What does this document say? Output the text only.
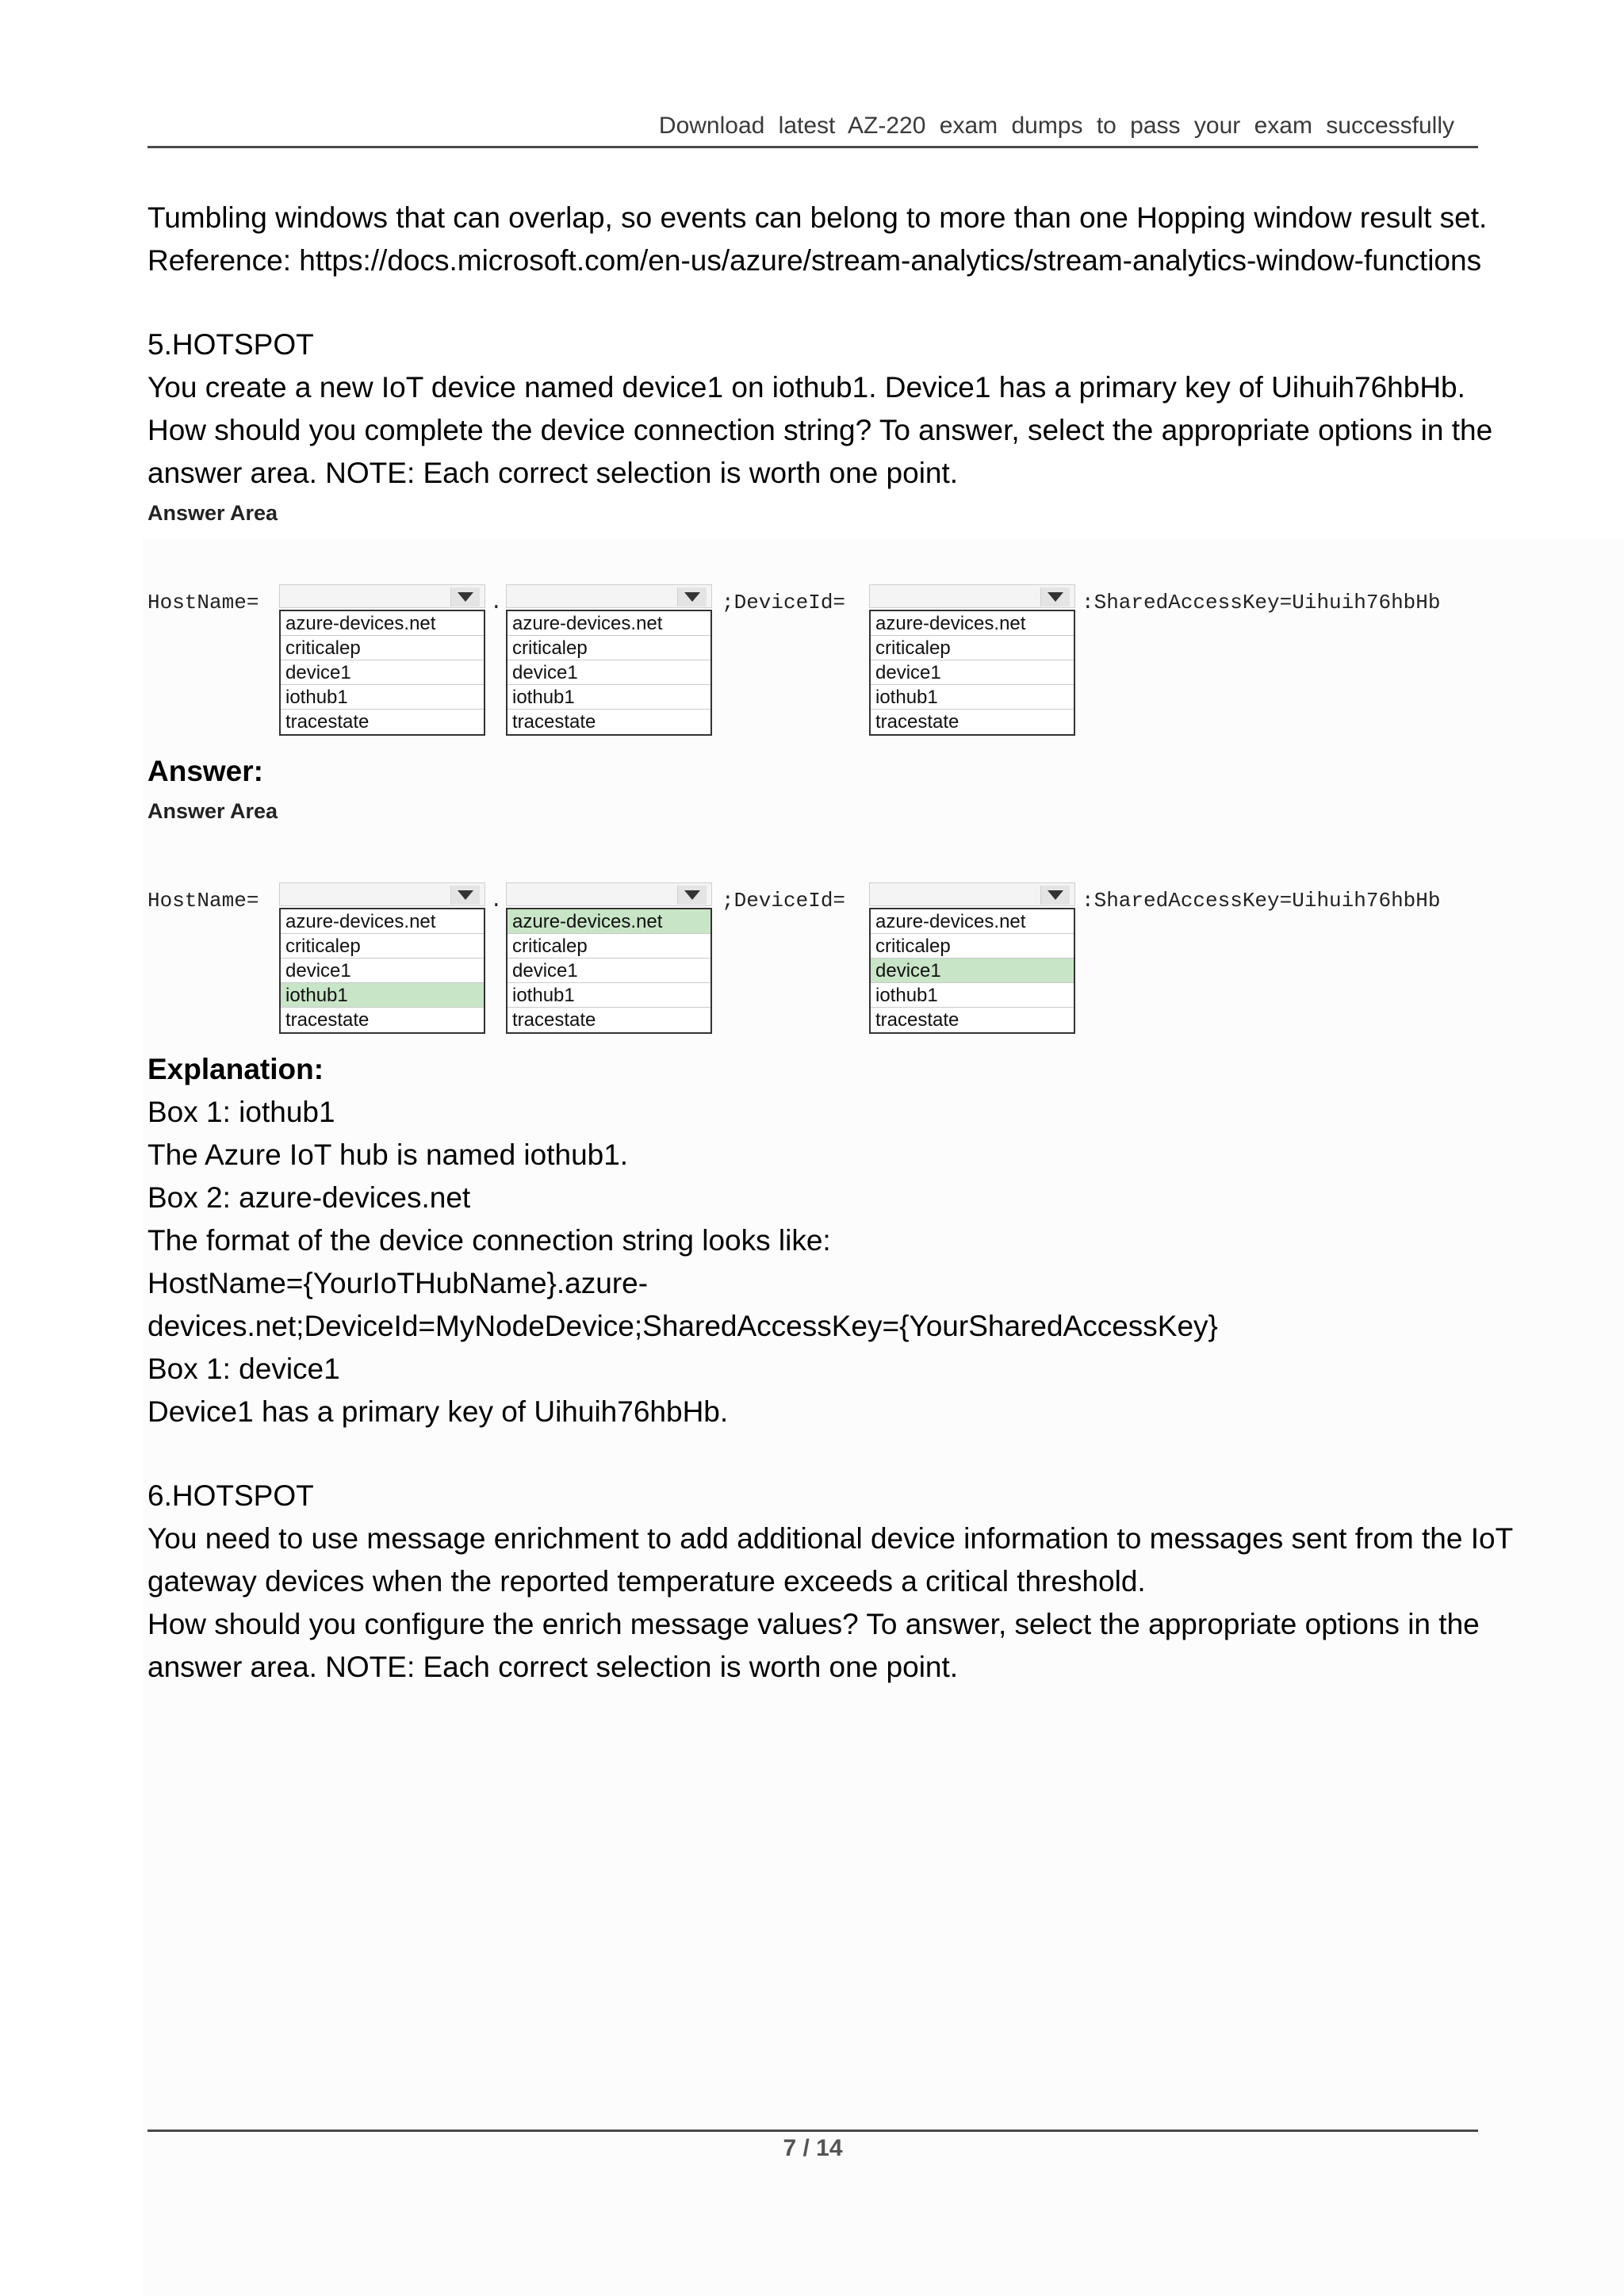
Download latest AZ-220 exam dumps to pass your exam successfully
Tumbling windows that can overlap, so events can belong to more than one Hopping window result set.
Reference: https://docs.microsoft.com/en-us/azure/stream-analytics/stream-analytics-window-functions
5.HOTSPOT
You create a new IoT device named device1 on iothub1. Device1 has a primary key of Uihuih76hbHb.
How should you complete the device connection string? To answer, select the appropriate options in the
answer area. NOTE: Each correct selection is worth one point.
Answer Area
HostName=
azure-devices.net
criticalep
device1
iothub1
tracestate
.
azure-devices.net
criticalep
device1
iothub1
tracestate
;DeviceId=
azure-devices.net
criticalep
device1
iothub1
tracestate
:SharedAccessKey=Uihuih76hbHb
Answer:
Answer Area
HostName=
azure-devices.net
criticalep
device1
iothub1
tracestate
.
azure-devices.net
criticalep
device1
iothub1
tracestate
;DeviceId=
azure-devices.net
criticalep
device1
iothub1
tracestate
:SharedAccessKey=Uihuih76hbHb
Explanation:
Box 1: iothub1
The Azure IoT hub is named iothub1.
Box 2: azure-devices.net
The format of the device connection string looks like:
HostName={YourIoTHubName}.azure-
devices.net;DeviceId=MyNodeDevice;SharedAccessKey={YourSharedAccessKey}
Box 1: device1
Device1 has a primary key of Uihuih76hbHb.
6.HOTSPOT
You need to use message enrichment to add additional device information to messages sent from the IoT
gateway devices when the reported temperature exceeds a critical threshold.
How should you configure the enrich message values? To answer, select the appropriate options in the
answer area. NOTE: Each correct selection is worth one point.
7 / 14
